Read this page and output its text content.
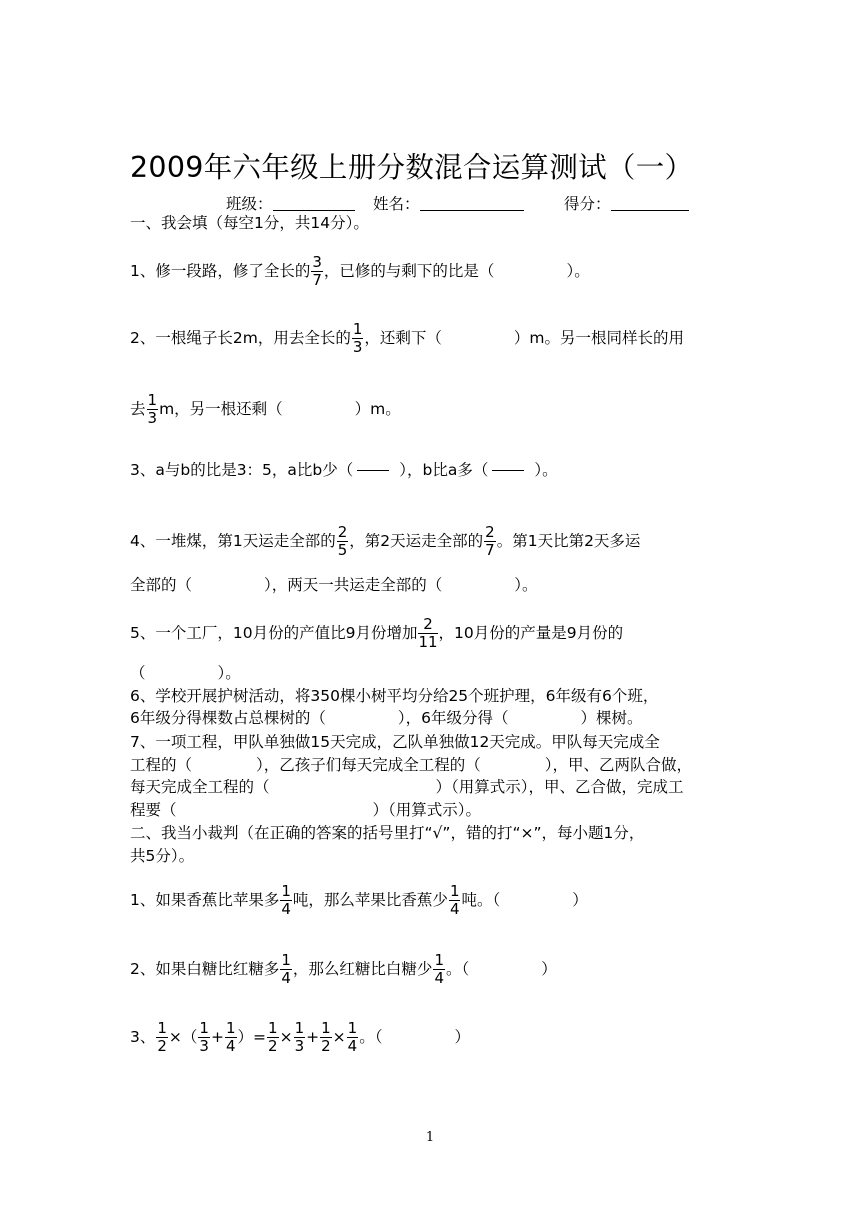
2009年六年级上册分数混合运算测试（一）
班级：	姓名：	得分：
一、我会填（每空1分，共14分）。
1、修一段路，修了全长的 $\frac{3}{7}$ ，已修的与剩下的比是（	）。
2、一根绳子长2m，用去全长的 $\frac{1}{3}$ ，还剩下（	）m。另一根同样长的用
去 $\frac{1}{3}$ m，另一根还剩（	）m。
3、a与b的比是3：5，a比b少（	），b比a多（	）。
4、一堆煤，第1天运走全部的 $\frac{2}{5}$ ，第2天运走全部的 $\frac{2}{7}$ 。第1天比第2天多运
全部的（	），两天一共运走全部的（	）。
5、一个工厂，10月份的产值比9月份增加 $\frac{2}{11}$ ，10月份的产量是9月份的
（	）。
6、学校开展护树活动，将350棵小树平均分给25个班护理，6年级有6个班，
6年级分得棵数占总棵树的（	），6年级分得（	）棵树。
7、一项工程，甲队单独做15天完成，乙队单独做12天完成。甲队每天完成全
工程的（	），乙孩子们每天完成全工程的（	），甲、乙两队合做，
每天完成全工程的（	）（用算式示），甲、乙合做，完成工
程要（	）（用算式示）。
二、我当小裁判（在正确的答案的括号里打“√”，错的打“×”，每小题1分，
共5分）。
1、如果香蕉比苹果多 $\frac{1}{4}$ 吨，那么苹果比香蕉少 $\frac{1}{4}$ 吨。（	）
2、如果白糖比红糖多 $\frac{1}{4}$ ，那么红糖比白糖少 $\frac{1}{4}$ 。（	）
3、 $\frac{1}{2}$ ×（ $\frac{1}{3} + \frac{1}{4}$ ）= $\frac{1}{2} \times \frac{1}{3} + \frac{1}{2} \times \frac{1}{4}$ 。（	）
1
